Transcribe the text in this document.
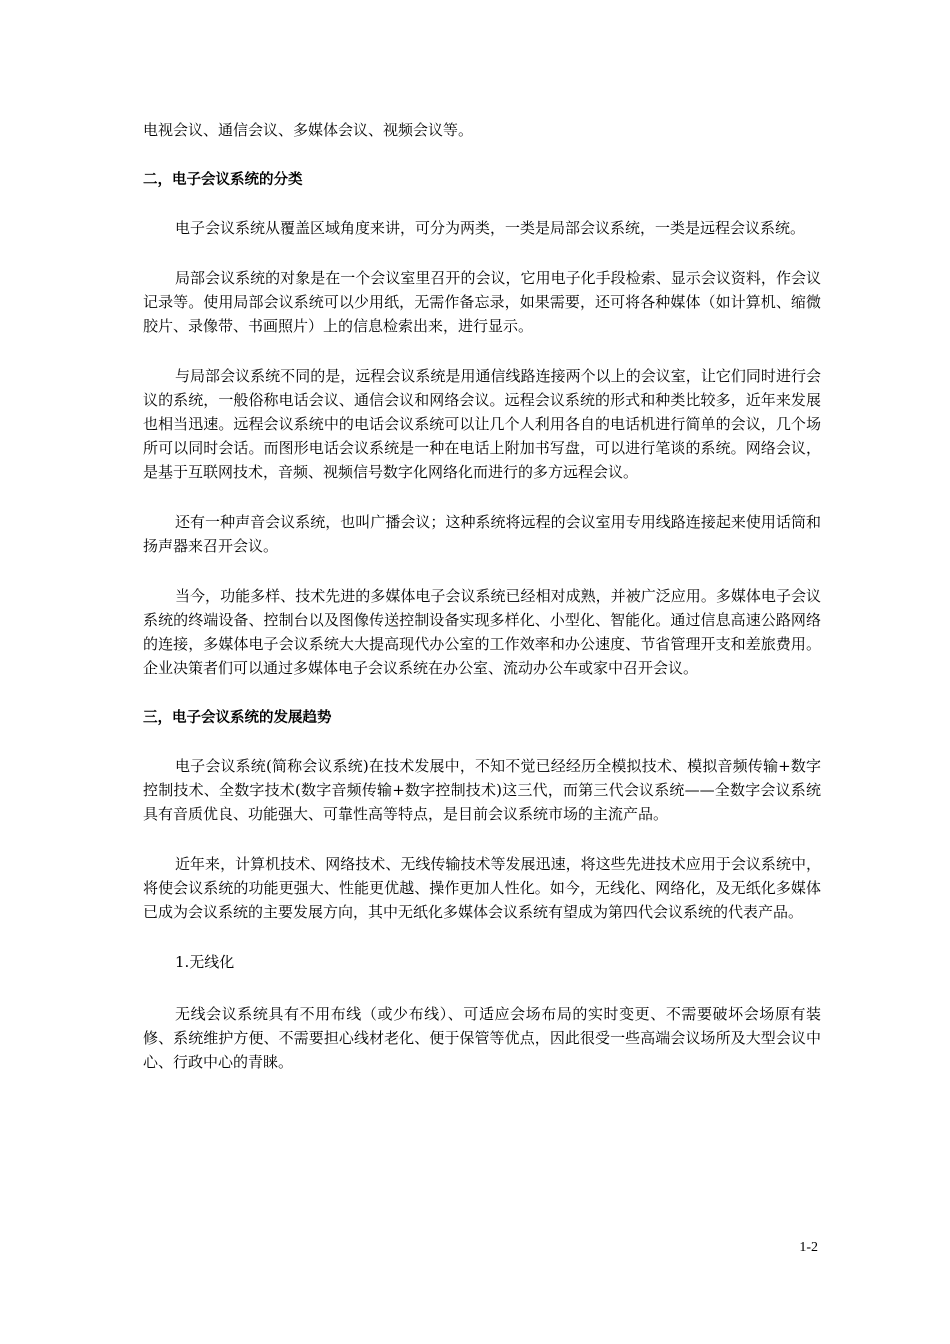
电视会议、通信会议、多媒体会议、视频会议等。

二，电子会议系统的分类

电子会议系统从覆盖区域角度来讲，可分为两类，一类是局部会议系统，一类是远程会议系统。

局部会议系统的对象是在一个会议室里召开的会议，它用电子化手段检索、显示会议资料，作会议记录等。使用局部会议系统可以少用纸，无需作备忘录，如果需要，还可将各种媒体（如计算机、缩微胶片、录像带、书画照片）上的信息检索出来，进行显示。

与局部会议系统不同的是，远程会议系统是用通信线路连接两个以上的会议室，让它们同时进行会议的系统，一般俗称电话会议、通信会议和网络会议。远程会议系统的形式和种类比较多，近年来发展也相当迅速。远程会议系统中的电话会议系统可以让几个人利用各自的电话机进行简单的会议，几个场所可以同时会话。而图形电话会议系统是一种在电话上附加书写盘，可以进行笔谈的系统。网络会议，是基于互联网技术，音频、视频信号数字化网络化而进行的多方远程会议。

还有一种声音会议系统，也叫广播会议；这种系统将远程的会议室用专用线路连接起来使用话筒和扬声器来召开会议。

当今，功能多样、技术先进的多媒体电子会议系统已经相对成熟，并被广泛应用。多媒体电子会议系统的终端设备、控制台以及图像传送控制设备实现多样化、小型化、智能化。通过信息高速公路网络的连接，多媒体电子会议系统大大提高现代办公室的工作效率和办公速度、节省管理开支和差旅费用。企业决策者们可以通过多媒体电子会议系统在办公室、流动办公车或家中召开会议。

三，电子会议系统的发展趋势

电子会议系统(简称会议系统)在技术发展中，不知不觉已经经历全模拟技术、模拟音频传输+数字控制技术、全数字技术(数字音频传输+数字控制技术)这三代，而第三代会议系统——全数字会议系统具有音质优良、功能强大、可靠性高等特点，是目前会议系统市场的主流产品。

近年来，计算机技术、网络技术、无线传输技术等发展迅速，将这些先进技术应用于会议系统中，将使会议系统的功能更强大、性能更优越、操作更加人性化。如今，无线化、网络化，及无纸化多媒体已成为会议系统的主要发展方向，其中无纸化多媒体会议系统有望成为第四代会议系统的代表产品。

1.无线化

无线会议系统具有不用布线（或少布线）、可适应会场布局的实时变更、不需要破坏会场原有装修、系统维护方便、不需要担心线材老化、便于保管等优点，因此很受一些高端会议场所及大型会议中心、行政中心的青睐。

1-2
